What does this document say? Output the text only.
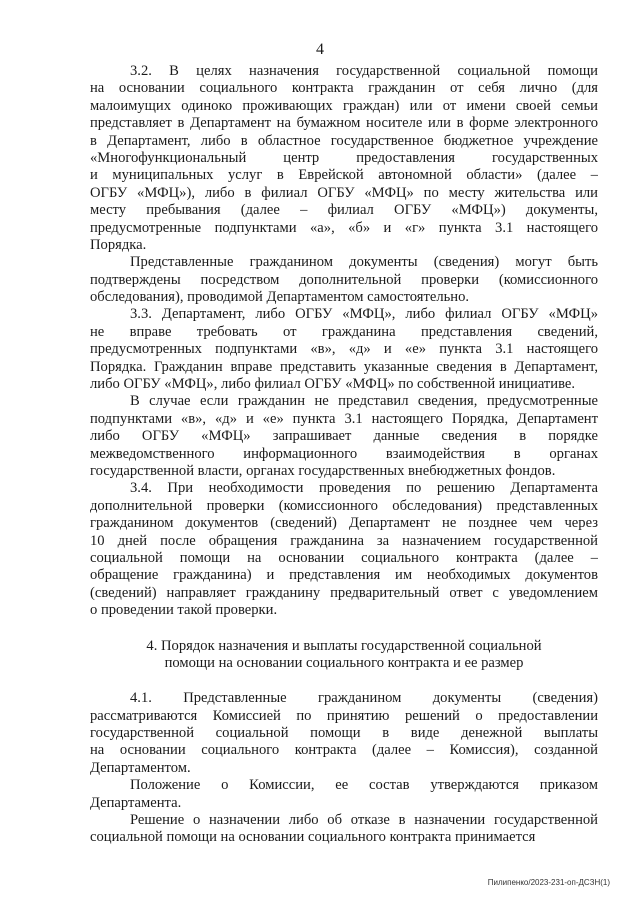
4
3.2. В целях назначения государственной социальной помощи
на основании социального контракта гражданин от себя лично (для
малоимущих одиноко проживающих граждан) или от имени своей семьи
представляет в Департамент на бумажном носителе или в форме электронного
в Департамент, либо в областное государственное бюджетное учреждение
«Многофункциональный центр предоставления государственных
и муниципальных услуг в Еврейской автономной области» (далее –
ОГБУ «МФЦ»), либо в филиал ОГБУ «МФЦ» по месту жительства или
месту пребывания (далее – филиал ОГБУ «МФЦ») документы,
предусмотренные подпунктами «а», «б» и «г» пункта 3.1 настоящего
Порядка.
Представленные гражданином документы (сведения) могут быть
подтверждены посредством дополнительной проверки (комиссионного
обследования), проводимой Департаментом самостоятельно.
3.3. Департамент, либо ОГБУ «МФЦ», либо филиал ОГБУ «МФЦ»
не вправе требовать от гражданина представления сведений,
предусмотренных подпунктами «в», «д» и «е» пункта 3.1 настоящего
Порядка. Гражданин вправе представить указанные сведения в Департамент,
либо ОГБУ «МФЦ», либо филиал ОГБУ «МФЦ» по собственной инициативе.
В случае если гражданин не представил сведения, предусмотренные
подпунктами «в», «д» и «е» пункта 3.1 настоящего Порядка, Департамент
либо ОГБУ «МФЦ» запрашивает данные сведения в порядке
межведомственного информационного взаимодействия в органах
государственной власти, органах государственных внебюджетных фондов.
3.4. При необходимости проведения по решению Департамента
дополнительной проверки (комиссионного обследования) представленных
гражданином документов (сведений) Департамент не позднее чем через
10 дней после обращения гражданина за назначением государственной
социальной помощи на основании социального контракта (далее –
обращение гражданина) и представления им необходимых документов
(сведений) направляет гражданину предварительный ответ с уведомлением
о проведении такой проверки.
4. Порядок назначения и выплаты государственной социальной
помощи на основании социального контракта и ее размер
4.1. Представленные гражданином документы (сведения)
рассматриваются Комиссией по принятию решений о предоставлении
государственной социальной помощи в виде денежной выплаты
на основании социального контракта (далее – Комиссия), созданной
Департаментом.
Положение о Комиссии, ее состав утверждаются приказом
Департамента.
Решение о назначении либо об отказе в назначении государственной
социальной помощи на основании социального контракта принимается
Пилипенко/2023-231-оп-ДСЗН(1)
